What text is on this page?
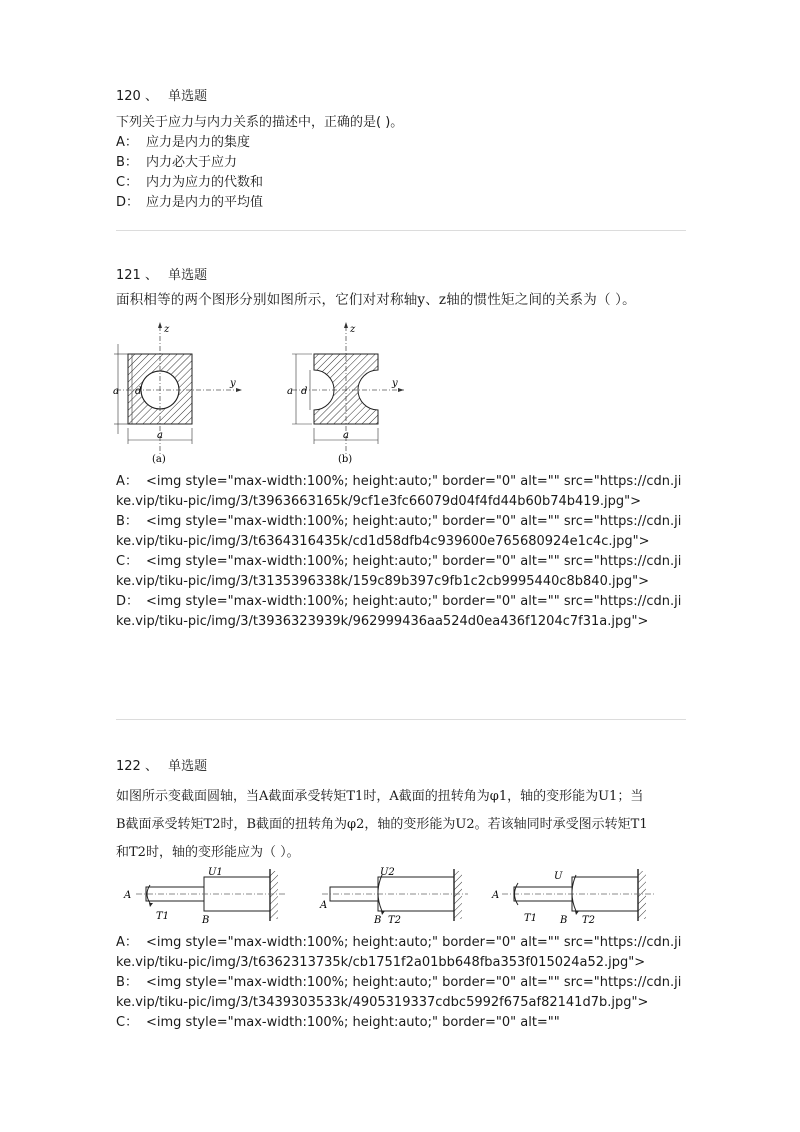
120 、 单选题
下列关于应力与内力关系的描述中，正确的是( )。
A： 应力是内力的集度
B： 内力必大于应力
C： 内力为应力的代数和
D： 应力是内力的平均值
121 、 单选题
面积相等的两个图形分别如图所示，它们对对称轴y、z轴的惯性矩之间的关系为（ ）。
z
y
a d
a
(a)
z
y
a d
a
(b)
A： <img style="max-width:100%; height:auto;" border="0" alt="" src="https://cdn.jike.vip/tiku-pic/img/3/t3963663165k/9cf1e3fc66079d04f4fd44b60b74b419.jpg">
B： <img style="max-width:100%; height:auto;" border="0" alt="" src="https://cdn.jike.vip/tiku-pic/img/3/t6364316435k/cd1d58dfb4c939600e765680924e1c4c.jpg">
C： <img style="max-width:100%; height:auto;" border="0" alt="" src="https://cdn.jike.vip/tiku-pic/img/3/t3135396338k/159c89b397c9fb1c2cb9995440c8b840.jpg">
D： <img style="max-width:100%; height:auto;" border="0" alt="" src="https://cdn.jike.vip/tiku-pic/img/3/t3936323939k/962999436aa524d0ea436f1204c7f31a.jpg">
122 、 单选题
如图所示变截面圆轴，当A截面承受转矩T1时，A截面的扭转角为φ1，轴的变形能为U1；当
B截面承受转矩T2时，B截面的扭转角为φ2，轴的变形能为U2。若该轴同时承受图示转矩T1
和T2时，轴的变形能应为（ ）。
A
T1	B
U1
A
U2
B T2
A
U
T1 B T2
A： <img style="max-width:100%; height:auto;" border="0" alt="" src="https://cdn.jike.vip/tiku-pic/img/3/t6362313735k/cb1751f2a01bb648fba353f015024a52.jpg">
B： <img style="max-width:100%; height:auto;" border="0" alt="" src="https://cdn.jike.vip/tiku-pic/img/3/t3439303533k/4905319337cdbc5992f675af82141d7b.jpg">
C： <img style="max-width:100%; height:auto;" border="0" alt=""
